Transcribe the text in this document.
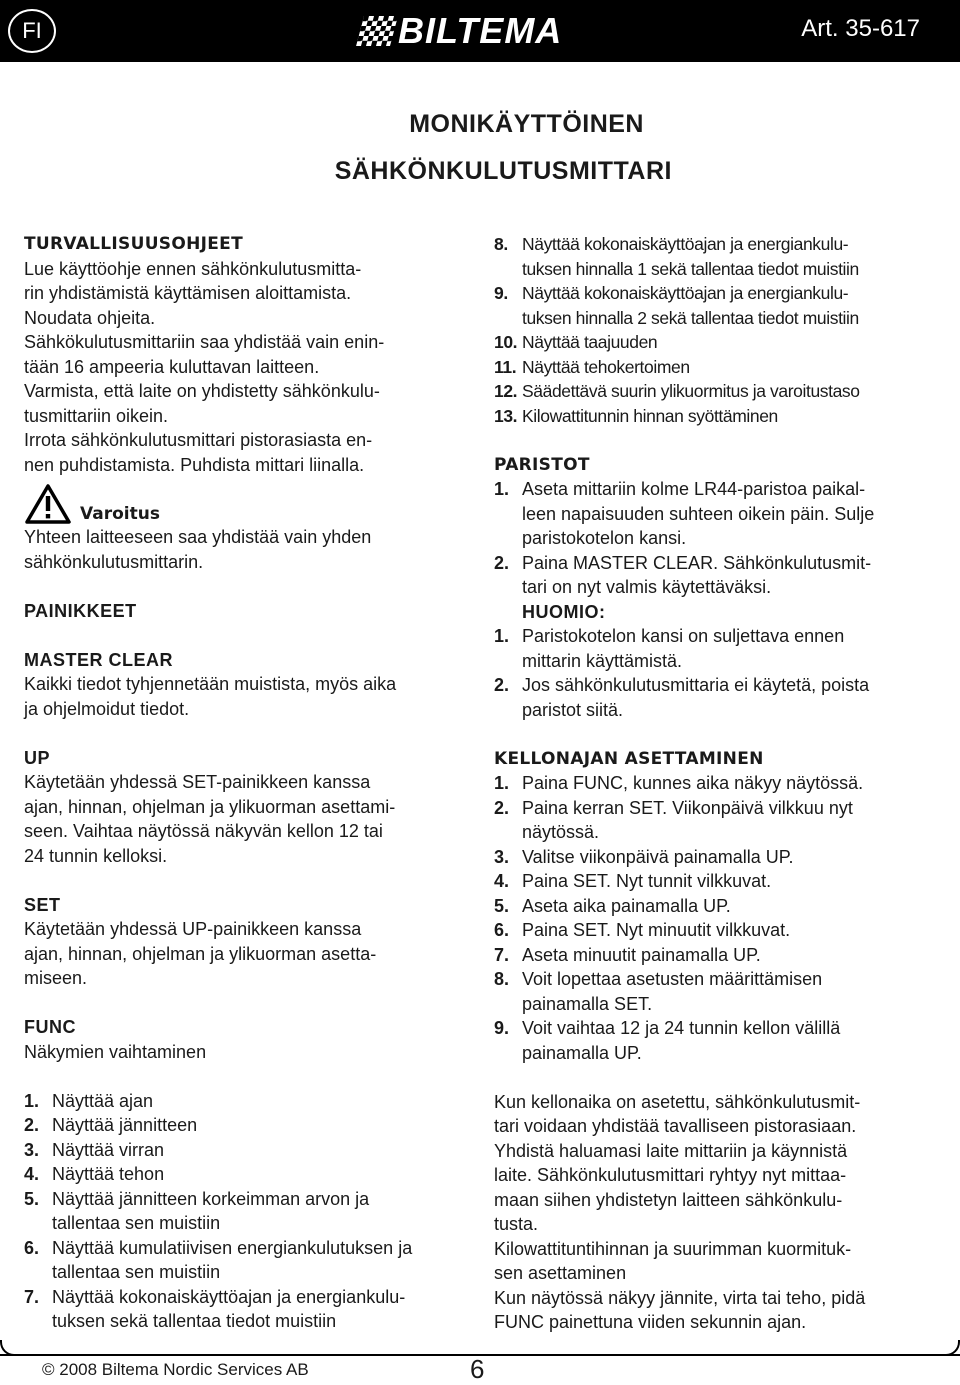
FI	BILTEMA	Art. 35-617
MONIKÄYTTÖINEN
SÄHKÖNKULUTUSMITTARI

TURVALLISUUSOHJEET

Lue käyttöohje ennen sähkönkulutusmitta-

rin yhdistämistä käyttämisen aloittamista.

Noudata ohjeita.

Sähkökulutusmittariin saa yhdistää vain enin-

tään 16 ampeeria kuluttavan laitteen.

Varmista, että laite on yhdistetty sähkönkulu-

tusmittariin oikein.

Irrota sähkönkulutusmittari pistorasiasta en-

nen puhdistamista. Puhdista mittari liinalla.

Varoitus

Yhteen laitteeseen saa yhdistää vain yhden

sähkönkulutusmittarin.

PAINIKKEET

MASTER CLEAR

Kaikki tiedot tyhjennetään muistista, myös aika

ja ohjelmoidut tiedot.

UP

Käytetään yhdessä SET-painikkeen kanssa

ajan, hinnan, ohjelman ja ylikuorman asettami-

seen. Vaihtaa näytössä näkyvän kellon 12 tai

24 tunnin kelloksi.

SET

Käytetään yhdessä UP-painikkeen kanssa

ajan, hinnan, ohjelman ja ylikuorman asetta-

miseen.

FUNC

Näkymien vaihtaminen

1. Näyttää ajan
2. Näyttää jännitteen
3. Näyttää virran
4. Näyttää tehon
5. Näyttää jännitteen korkeimman arvon ja
tallentaa sen muistiin
6. Näyttää kumulatiivisen energiankulutuksen ja
tallentaa sen muistiin
7. Näyttää kokonaiskäyttöajan ja energiankulu-
tuksen sekä tallentaa tiedot muistiin
8. Näyttää kokonaiskäyttöajan ja energiankulu-
tuksen hinnalla 1 sekä tallentaa tiedot muistiin
9. Näyttää kokonaiskäyttöajan ja energiankulu-
tuksen hinnalla 2 sekä tallentaa tiedot muistiin
10. Näyttää taajuuden
11. Näyttää tehokertoimen
12. Säädettävä suurin ylikuormitus ja varoitustaso
13. Kilowattitunnin hinnan syöttäminen

PARISTOT

1. Aseta mittariin kolme LR44-paristoa paikal-
leen napaisuuden suhteen oikein päin. Sulje
paristokotelon kansi.
2. Paina MASTER CLEAR. Sähkönkulutusmit-
tari on nyt valmis käytettäväksi.

HUOMIO:

1. Paristokotelon kansi on suljettava ennen
mittarin käyttämistä.
2. Jos sähkönkulutusmittaria ei käytetä, poista
paristot siitä.

KELLONAJAN ASETTAMINEN

1. Paina FUNC, kunnes aika näkyy näytössä.
2. Paina kerran SET. Viikonpäivä vilkkuu nyt
näytössä.
3. Valitse viikonpäivä painamalla UP.
4. Paina SET. Nyt tunnit vilkkuvat.
5. Aseta aika painamalla UP.
6. Paina SET. Nyt minuutit vilkkuvat.
7. Aseta minuutit painamalla UP.
8. Voit lopettaa asetusten määrittämisen
painamalla SET.
9. Voit vaihtaa 12 ja 24 tunnin kellon välillä
painamalla UP.

Kun kellonaika on asetettu, sähkönkulutusmit-

tari voidaan yhdistää tavalliseen pistorasiaan.

Yhdistä haluamasi laite mittariin ja käynnistä

laite. Sähkönkulutusmittari ryhtyy nyt mittaa-

maan siihen yhdistetyn laitteen sähkönkulu-

tusta.

Kilowattituntihinnan ja suurimman kuormituk-

sen asettaminen

Kun näytössä näkyy jännite, virta tai teho, pidä

FUNC painettuna viiden sekunnin ajan.

© 2008 Biltema Nordic Services AB	6
